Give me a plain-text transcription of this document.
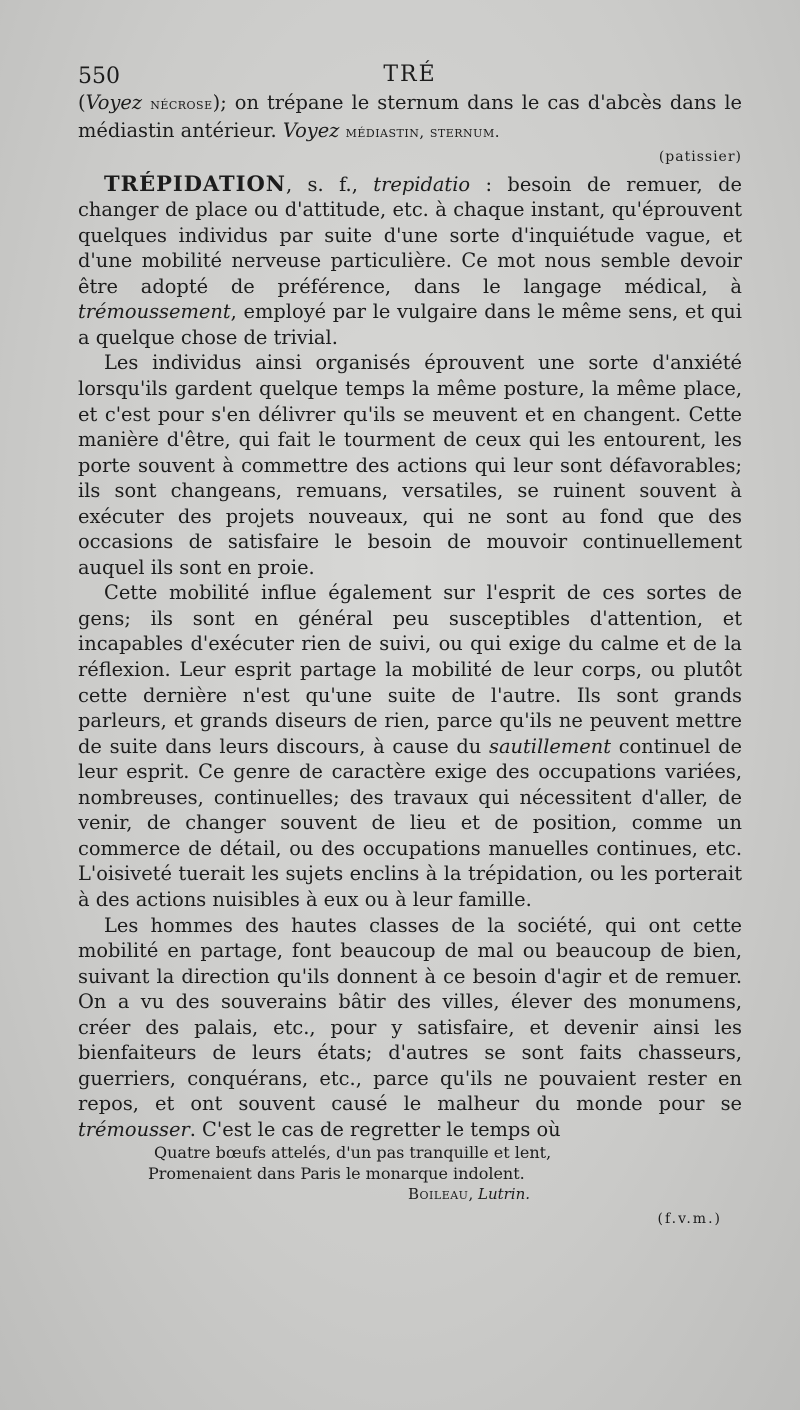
550	TRÉ

(Voyez nécrose); on trépane le sternum dans le cas d'abcès dans le médiastin antérieur. Voyez médiastin, sternum.

(patissier)

TRÉPIDATION, s. f., trepidatio : besoin de remuer, de changer de place ou d'attitude, etc. à chaque instant, qu'éprouvent quelques individus par suite d'une sorte d'inquiétude vague, et d'une mobilité nerveuse particulière. Ce mot nous semble devoir être adopté de préférence, dans le langage médical, à trémoussement, employé par le vulgaire dans le même sens, et qui a quelque chose de trivial.

Les individus ainsi organisés éprouvent une sorte d'anxiété lorsqu'ils gardent quelque temps la même posture, la même place, et c'est pour s'en délivrer qu'ils se meuvent et en changent. Cette manière d'être, qui fait le tourment de ceux qui les entourent, les porte souvent à commettre des actions qui leur sont défavorables; ils sont changeans, remuans, versatiles, se ruinent souvent à exécuter des projets nouveaux, qui ne sont au fond que des occasions de satisfaire le besoin de mouvoir continuellement auquel ils sont en proie.

Cette mobilité influe également sur l'esprit de ces sortes de gens; ils sont en général peu susceptibles d'attention, et incapables d'exécuter rien de suivi, ou qui exige du calme et de la réflexion. Leur esprit partage la mobilité de leur corps, ou plutôt cette dernière n'est qu'une suite de l'autre. Ils sont grands parleurs, et grands diseurs de rien, parce qu'ils ne peuvent mettre de suite dans leurs discours, à cause du sautillement continuel de leur esprit. Ce genre de caractère exige des occupations variées, nombreuses, continuelles; des travaux qui nécessitent d'aller, de venir, de changer souvent de lieu et de position, comme un commerce de détail, ou des occupations manuelles continues, etc. L'oisiveté tuerait les sujets enclins à la trépidation, ou les porterait à des actions nuisibles à eux ou à leur famille.

Les hommes des hautes classes de la société, qui ont cette mobilité en partage, font beaucoup de mal ou beaucoup de bien, suivant la direction qu'ils donnent à ce besoin d'agir et de remuer. On a vu des souverains bâtir des villes, élever des monumens, créer des palais, etc., pour y satisfaire, et devenir ainsi les bienfaiteurs de leurs états; d'autres se sont faits chasseurs, guerriers, conquérans, etc., parce qu'ils ne pouvaient rester en repos, et ont souvent causé le malheur du monde pour se trémousser. C'est le cas de regretter le temps où

Quatre bœufs attelés, d'un pas tranquille et lent,

Promenaient dans Paris le monarque indolent.

Boileau, Lutrin.

(f.v.m.)
